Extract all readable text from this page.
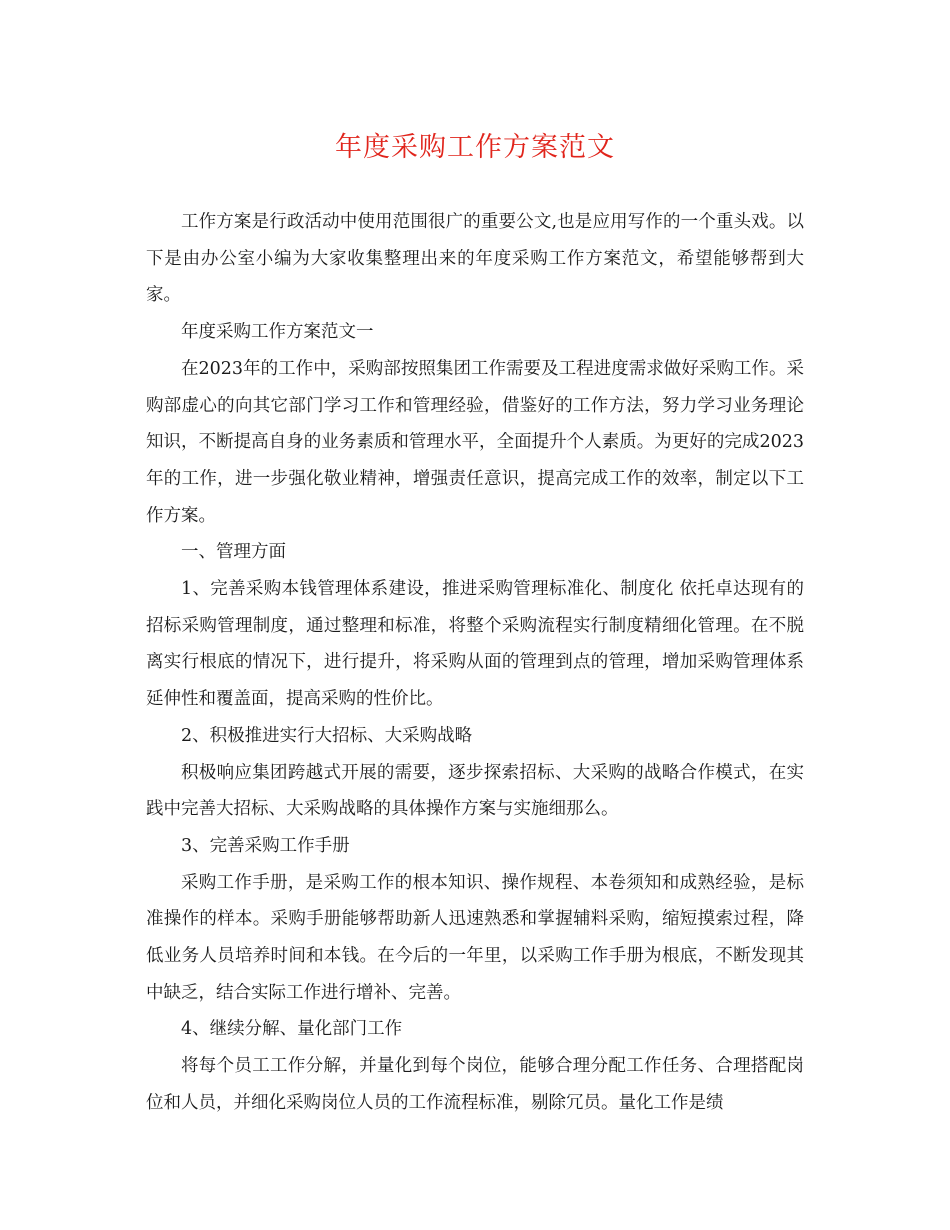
年度采购工作方案范文

工作方案是行政活动中使用范围很广的重要公文,也是应用写作的一个重头戏。以下是由办公室小编为大家收集整理出来的年度采购工作方案范文，希望能够帮到大家。

年度采购工作方案范文一

在2023年的工作中，采购部按照集团工作需要及工程进度需求做好采购工作。采购部虚心的向其它部门学习工作和管理经验，借鉴好的工作方法，努力学习业务理论知识，不断提高自身的业务素质和管理水平，全面提升个人素质。为更好的完成2023年的工作，进一步强化敬业精神，增强责任意识，提高完成工作的效率，制定以下工作方案。

一、管理方面

1、完善采购本钱管理体系建设，推进采购管理标准化、制度化 依托卓达现有的招标采购管理制度，通过整理和标准，将整个采购流程实行制度精细化管理。在不脱离实行根底的情况下，进行提升，将采购从面的管理到点的管理，增加采购管理体系延伸性和覆盖面，提高采购的性价比。

2、积极推进实行大招标、大采购战略

积极响应集团跨越式开展的需要，逐步探索招标、大采购的战略合作模式，在实践中完善大招标、大采购战略的具体操作方案与实施细那么。

3、完善采购工作手册

采购工作手册，是采购工作的根本知识、操作规程、本卷须知和成熟经验，是标准操作的样本。采购手册能够帮助新人迅速熟悉和掌握辅料采购，缩短摸索过程，降低业务人员培养时间和本钱。在今后的一年里，以采购工作手册为根底，不断发现其中缺乏，结合实际工作进行增补、完善。

4、继续分解、量化部门工作

将每个员工工作分解，并量化到每个岗位，能够合理分配工作任务、合理搭配岗位和人员，并细化采购岗位人员的工作流程标准，剔除冗员。量化工作是绩
